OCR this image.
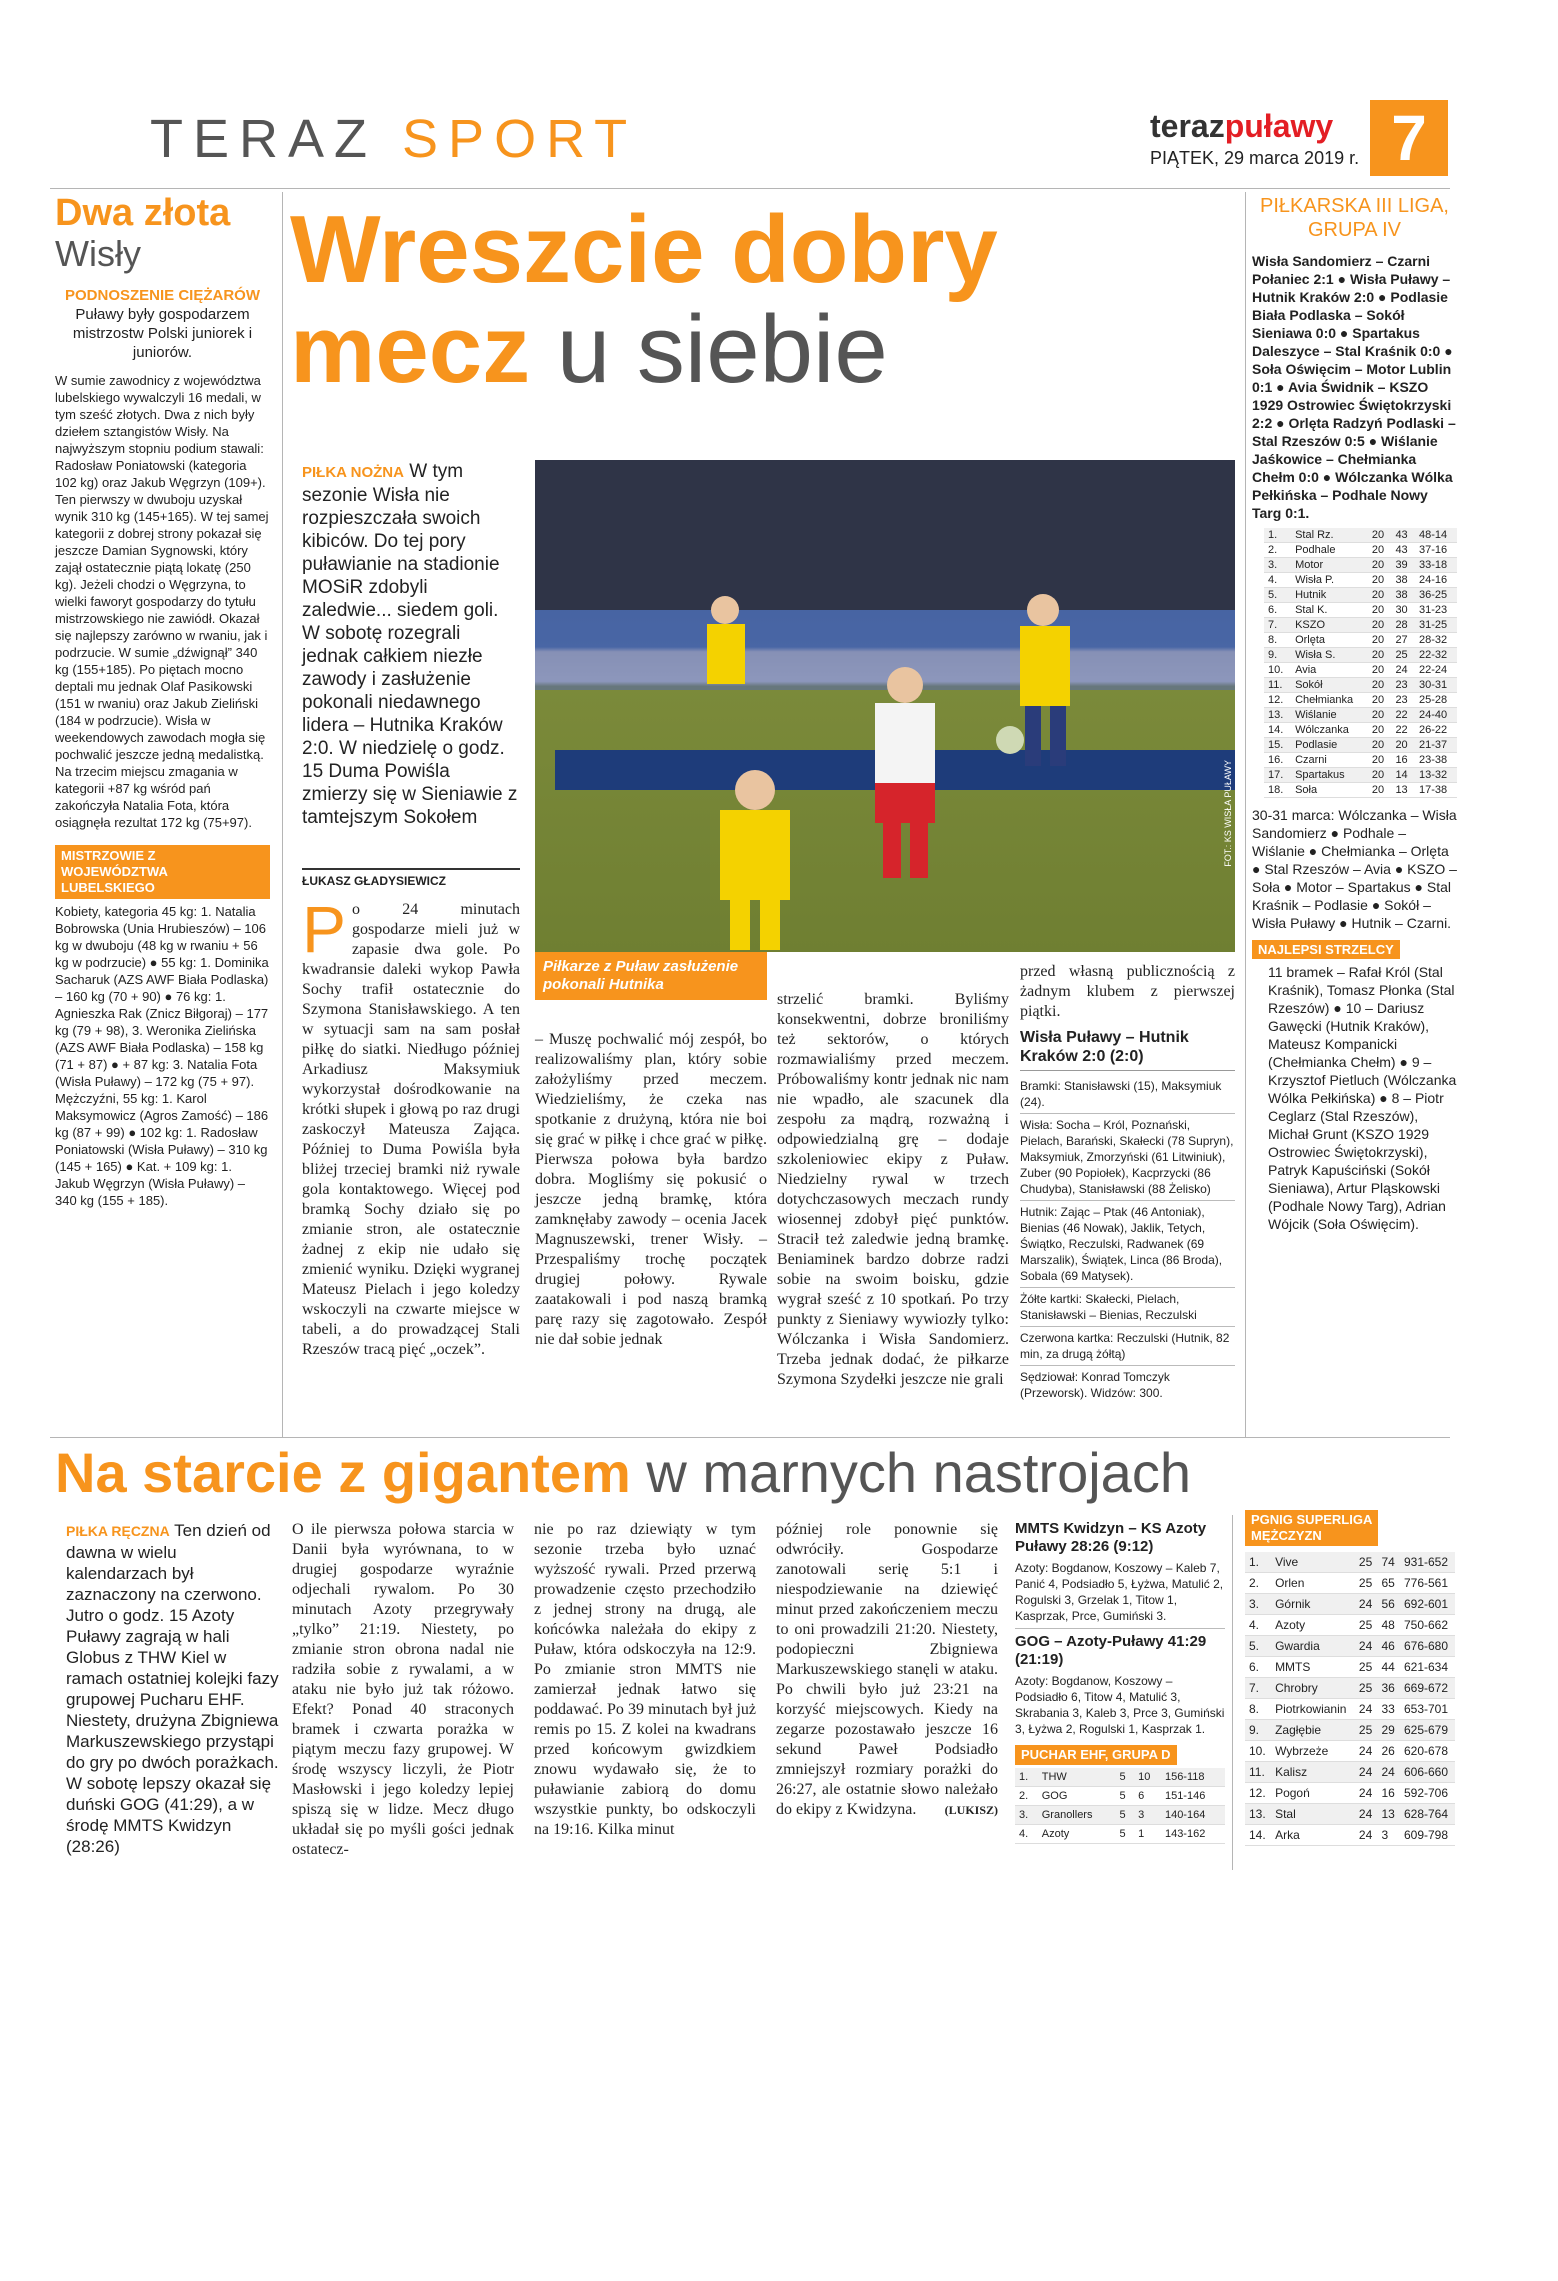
TERAZ SPORT	terazpuławy
PIĄTEK, 29 marca 2019 r. 7
Dwa złota
Wisły
PODNOSZENIE CIĘŻARÓW Puławy były gospodarzem mistrzostw Polski juniorek i juniorów.
W sumie zawodnicy z województwa lubelskiego wywalczyli 16 medali, w tym sześć złotych. Dwa z nich były dziełem sztangistów Wisły. Na najwyższym stopniu podium stawali: Radosław Poniatowski (kategoria 102 kg) oraz Jakub Węgrzyn (109+). Ten pierwszy w dwuboju uzyskał wynik 310 kg (145+165). W tej samej kategorii z dobrej strony pokazał się jeszcze Damian Sygnowski, który zajął ostatecznie piątą lokatę (250 kg). Jeżeli chodzi o Węgrzyna, to wielki faworyt gospodarzy do tytułu mistrzowskiego nie zawiódł. Okazał się najlepszy zarówno w rwaniu, jak i podrzucie. W sumie „dźwignął” 340 kg (155+185). Po piętach mocno deptali mu jednak Olaf Pasikowski (151 w rwaniu) oraz Jakub Zieliński (184 w podrzucie). Wisła w weekendowych zawodach mogła się pochwalić jeszcze jedną medalistką. Na trzecim miejscu zmagania w kategorii +87 kg wśród pań zakończyła Natalia Fota, która osiągnęła rezultat 172 kg (75+97).
MISTRZOWIE Z WOJEWÓDZTWA LUBELSKIEGO
Kobiety, kategoria 45 kg: 1. Natalia Bobrowska (Unia Hrubieszów) – 106 kg w dwuboju (48 kg w rwaniu + 56 kg w podrzucie) ● 55 kg: 1. Dominika Sacharuk (AZS AWF Biała Podlaska) – 160 kg (70 + 90) ● 76 kg: 1. Agnieszka Rak (Znicz Biłgoraj) – 177 kg (79 + 98), 3. Weronika Zielińska (AZS AWF Biała Podlaska) – 158 kg (71 + 87) ● + 87 kg: 3. Natalia Fota (Wisła Puławy) – 172 kg (75 + 97). Mężczyźni, 55 kg: 1. Karol Maksymowicz (Agros Zamość) – 186 kg (87 + 99) ● 102 kg: 1. Radosław Poniatowski (Wisła Puławy) – 310 kg (145 + 165) ● Kat. + 109 kg: 1. Jakub Węgrzyn (Wisła Puławy) – 340 kg (155 + 185).
Wreszcie dobry
mecz u siebie
PIŁKA NOŻNA W tym sezonie Wisła nie rozpieszczała swoich kibiców. Do tej pory puławianie na stadionie MOSiR zdobyli zaledwie... siedem goli. W sobotę rozegrali jednak całkiem niezłe zawody i zasłużenie pokonali niedawnego lidera – Hutnika Kraków 2:0. W niedzielę o godz. 15 Duma Powiśla zmierzy się w Sieniawie z tamtejszym Sokołem
ŁUKASZ GŁADYSIEWICZ
FOT.: KS WISŁA PUŁAWY
Piłkarze z Puław zasłużenie pokonali Hutnika
P o 24 minutach gospodarze mieli już w zapasie dwa gole. Po kwadransie daleki wykop Pawła Sochy trafił ostatecznie do Szymona Stanisławskiego. A ten w sytuacji sam na sam posłał piłkę do siatki. Niedługo później Arkadiusz Maksymiuk wykorzystał dośrodkowanie na krótki słupek i głową po raz drugi zaskoczył Mateusza Zająca. Później to Duma Powiśla była bliżej trzeciej bramki niż rywale gola kontaktowego. Więcej pod bramką Sochy działo się po zmianie stron, ale ostatecznie żadnej z ekip nie udało się zmienić wyniku. Dzięki wygranej Mateusz Pielach i jego koledzy wskoczyli na czwarte miejsce w tabeli, a do prowadzącej Stali Rzeszów tracą pięć „oczek”.
– Muszę pochwalić mój zespół, bo realizowaliśmy plan, który sobie założyliśmy przed meczem. Wiedzieliśmy, że czeka nas spotkanie z drużyną, która nie boi się grać w piłkę i chce grać w piłkę. Pierwsza połowa była bardzo dobra. Mogliśmy się pokusić o jeszcze jedną bramkę, która zamknęłaby zawody – ocenia Jacek Magnuszewski, trener Wisły. – Przespaliśmy trochę początek drugiej połowy. Rywale zaatakowali i pod naszą bramką parę razy się zagotowało. Zespół nie dał sobie jednak
strzelić bramki. Byliśmy konsekwentni, dobrze broniliśmy też sektorów, o których rozmawialiśmy przed meczem. Próbowaliśmy kontr jednak nic nam nie wpadło, ale szacunek dla zespołu za mądrą, rozważną i odpowiedzialną grę – dodaje szkoleniowiec ekipy z Puław. Niedzielny rywal w trzech dotychczasowych meczach rundy wiosennej zdobył pięć punktów. Stracił też zaledwie jedną bramkę. Beniaminek bardzo dobrze radzi sobie na swoim boisku, gdzie wygrał sześć z 10 spotkań. Po trzy punkty z Sieniawy wywiozły tylko: Wólczanka i Wisła Sandomierz. Trzeba jednak dodać, że piłkarze Szymona Szydełki jeszcze nie grali
przed własną publicznością z żadnym klubem z pierwszej piątki.
Wisła Puławy – Hutnik Kraków 2:0 (2:0)
Bramki: Stanisławski (15), Maksymiuk (24).
Wisła: Socha – Król, Poznański, Pielach, Barański, Skałecki (78 Supryn), Maksymiuk, Zmorzyński (61 Litwiniuk), Zuber (90 Popiołek), Kacprzycki (86 Chudyba), Stanisławski (88 Żelisko)
Hutnik: Zając – Ptak (46 Antoniak), Bienias (46 Nowak), Jaklik, Tetych, Świątko, Reczulski, Radwanek (69 Marszalik), Świątek, Linca (86 Broda), Sobala (69 Matysek).
Żółte kartki: Skałecki, Pielach, Stanisławski – Bienias, Reczulski
Czerwona kartka: Reczulski (Hutnik, 82 min, za drugą żółtą)
Sędziował: Konrad Tomczyk (Przeworsk). Widzów: 300.
PIŁKARSKA III LIGA,
GRUPA IV
Wisła Sandomierz – Czarni Połaniec 2:1 ● Wisła Puławy – Hutnik Kraków 2:0 ● Podlasie Biała Podlaska – Sokół Sieniawa 0:0 ● Spartakus Daleszyce – Stal Kraśnik 0:0 ● Soła Oświęcim – Motor Lublin 0:1 ● Avia Świdnik – KSZO 1929 Ostrowiec Świętokrzyski 2:2 ● Orlęta Radzyń Podlaski – Stal Rzeszów 0:5 ● Wiślanie Jaśkowice – Chełmianka Chełm 0:0 ● Wólczanka Wólka Pełkińska – Podhale Nowy Targ 0:1.
1.	Stal Rz.	20	43	48-14
2.	Podhale	20	43	37-16
3.	Motor	20	39	33-18
4.	Wisła P.	20	38	24-16
5.	Hutnik	20	38	36-25
6.	Stal K.	20	30	31-23
7.	KSZO	20	28	31-25
8.	Orlęta	20	27	28-32
9.	Wisła S.	20	25	22-32
10.	Avia	20	24	22-24
11.	Sokół	20	23	30-31
12.	Chełmianka	20	23	25-28
13.	Wiślanie	20	22	24-40
14.	Wólczanka	20	22	26-22
15.	Podlasie	20	20	21-37
16.	Czarni	20	16	23-38
17.	Spartakus	20	14	13-32
18.	Soła	20	13	17-38
30-31 marca: Wólczanka – Wisła Sandomierz ● Podhale – Wiślanie ● Chełmianka – Orlęta ● Stal Rzeszów – Avia ● KSZO – Soła ● Motor – Spartakus ● Stal Kraśnik – Podlasie ● Sokół – Wisła Puławy ● Hutnik – Czarni.
NAJLEPSI STRZELCY
11 bramek – Rafał Król (Stal Kraśnik), Tomasz Płonka (Stal Rzeszów) ● 10 – Dariusz Gawęcki (Hutnik Kraków), Mateusz Kompanicki (Chełmianka Chełm) ● 9 – Krzysztof Pietluch (Wólczanka Wólka Pełkińska) ● 8 – Piotr Ceglarz (Stal Rzeszów), Michał Grunt (KSZO 1929 Ostrowiec Świętokrzyski), Patryk Kapuściński (Sokół Sieniawa), Artur Pląskowski (Podhale Nowy Targ), Adrian Wójcik (Soła Oświęcim).
Na starcie z gigantem w marnych nastrojach
PIŁKA RĘCZNA Ten dzień od dawna w wielu kalendarzach był zaznaczony na czerwono. Jutro o godz. 15 Azoty Puławy zagrają w hali Globus z THW Kiel w ramach ostatniej kolejki fazy grupowej Pucharu EHF. Niestety, drużyna Zbigniewa Markuszewskiego przystąpi do gry po dwóch porażkach. W sobotę lepszy okazał się duński GOG (41:29), a w środę MMTS Kwidzyn (28:26)
O ile pierwsza połowa starcia w Danii była wyrównana, to w drugiej gospodarze wyraźnie odjechali rywalom. Po 30 minutach Azoty przegrywały „tylko” 21:19. Niestety, po zmianie stron obrona nadal nie radziła sobie z rywalami, a w ataku nie było już tak różowo. Efekt? Ponad 40 straconych bramek i czwarta porażka w piątym meczu fazy grupowej. W środę wszyscy liczyli, że Piotr Masłowski i jego koledzy lepiej spiszą się w lidze. Mecz długo układał się po myśli gości jednak ostatecz-
nie po raz dziewiąty w tym sezonie trzeba było uznać wyższość rywali. Przed przerwą prowadzenie często przechodziło z jednej strony na drugą, ale końcówka należała do ekipy z Puław, która odskoczyła na 12:9. Po zmianie stron MMTS nie zamierzał jednak łatwo się poddawać. Po 39 minutach był już remis po 15. Z kolei na kwadrans przed końcowym gwizdkiem znowu wydawało się, że to puławianie zabiorą do domu wszystkie punkty, bo odskoczyli na 19:16. Kilka minut
później role ponownie się odwróciły. Gospodarze zanotowali serię 5:1 i niespodziewanie na dziewięć minut przed zakończeniem meczu to oni prowadzili 21:20. Niestety, podopieczni Zbigniewa Markuszewskiego stanęli w ataku. Po chwili było już 23:21 na korzyść miejscowych. Kiedy na zegarze pozostawało jeszcze 16 sekund Paweł Podsiadło zmniejszył rozmiary porażki do 26:27, ale ostatnie słowo należało do ekipy z Kwidzyna. (LUKISZ)
MMTS Kwidzyn – KS Azoty Puławy 28:26 (9:12)
Azoty: Bogdanow, Koszowy – Kaleb 7, Panić 4, Podsiadło 5, Łyżwa, Matulić 2, Rogulski 3, Grzelak 1, Titow 1, Kasprzak, Prce, Gumiński 3.
GOG – Azoty-Puławy 41:29 (21:19)
Azoty: Bogdanow, Koszowy – Podsiadło 6, Titow 4, Matulić 3, Skrabania 3, Kaleb 3, Prce 3, Gumiński 3, Łyżwa 2, Rogulski 1, Kasprzak 1.
PUCHAR EHF, GRUPA D
1.	THW	5	10	156-118
2.	GOG	5	6	151-146
3.	Granollers	5	3	140-164
4.	Azoty	5	1	143-162
PGNIG SUPERLIGA
MĘŻCZYZN
1.	Vive	25	74	931-652
2.	Orlen	25	65	776-561
3.	Górnik	24	56	692-601
4.	Azoty	25	48	750-662
5.	Gwardia	24	46	676-680
6.	MMTS	25	44	621-634
7.	Chrobry	25	36	669-672
8.	Piotrkowianin	24	33	653-701
9.	Zagłębie	25	29	625-679
10.	Wybrzeże	24	26	620-678
11.	Kalisz	24	24	606-660
12.	Pogoń	24	16	592-706
13.	Stal	24	13	628-764
14.	Arka	24	3	609-798
